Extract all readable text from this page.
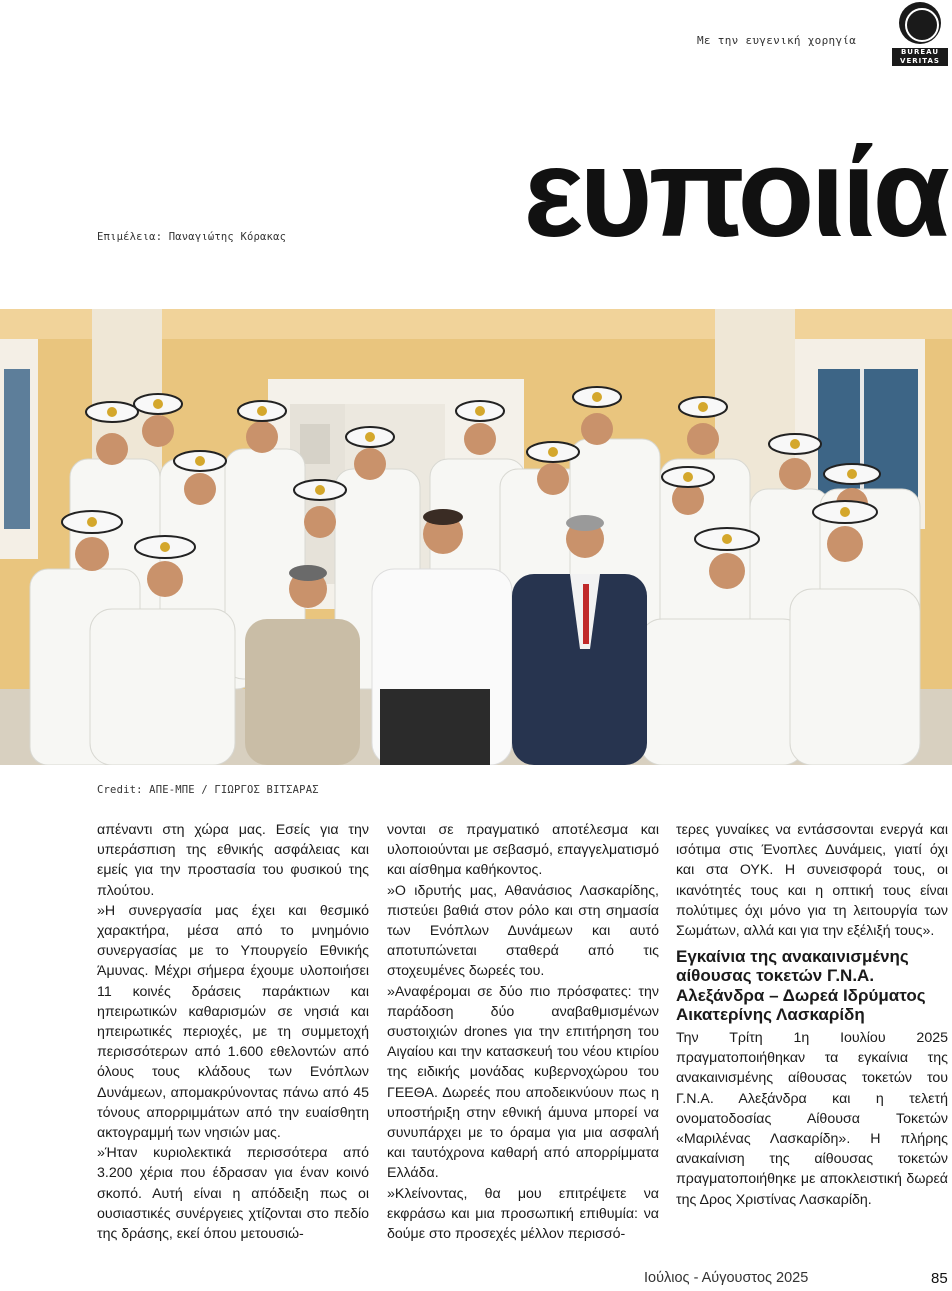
Με την ευγενική χορηγία
BUREAU
VERITAS
ευποιία
Επιμέλεια: Παναγιώτης Κόρακας
Credit: ΑΠΕ-ΜΠΕ / ΓΙΩΡΓΟΣ ΒΙΤΣΑΡΑΣ

απέναντι στη χώρα μας. Εσείς για την υπεράσπιση της εθνικής ασφάλειας και εμείς για την προστασία του φυσικού της πλούτου.

»Η συνεργασία μας έχει και θεσμικό χαρακτήρα, μέσα από το μνημόνιο συνεργασίας με το Υπουργείο Εθνικής Άμυνας. Μέχρι σήμερα έχουμε υλοποιήσει 11 κοινές δράσεις παράκτιων και ηπειρωτικών καθαρισμών σε νησιά και ηπειρωτικές περιοχές, με τη συμμετοχή περισσότερων από 1.600 εθελοντών από όλους τους κλάδους των Ενόπλων Δυνάμεων, απομακρύνοντας πάνω από 45 τόνους απορριμμάτων από την ευαίσθητη ακτογραμμή των νησιών μας.

»Ήταν κυριολεκτικά περισσότερα από 3.200 χέρια που έδρασαν για έναν κοινό σκοπό. Αυτή είναι η απόδειξη πως οι ουσιαστικές συνέργειες χτίζονται στο πεδίο της δράσης, εκεί όπου μετουσιώ-

νονται σε πραγματικό αποτέλεσμα και υλοποιούνται με σεβασμό, επαγγελματισμό και αίσθημα καθήκοντος.

»Ο ιδρυτής μας, Αθανάσιος Λασκαρίδης, πιστεύει βαθιά στον ρόλο και στη σημασία των Ενόπλων Δυνάμεων και αυτό αποτυπώνεται σταθερά από τις στοχευμένες δωρεές του.

»Αναφέρομαι σε δύο πιο πρόσφατες: την παράδοση δύο αναβαθμισμένων συστοιχιών drones για την επιτήρηση του Αιγαίου και την κατασκευή του νέου κτιρίου της ειδικής μονάδας κυβερνοχώρου του ΓΕΕΘΑ. Δωρεές που αποδεικνύουν πως η υποστήριξη στην εθνική άμυνα μπορεί να συνυπάρχει με το όραμα για μια ασφαλή και ταυτόχρονα καθαρή από απορρίμματα Ελλάδα.

»Κλείνοντας, θα μου επιτρέψετε να εκφράσω και μια προσωπική επιθυμία: να δούμε στο προσεχές μέλλον περισσό-

τερες γυναίκες να εντάσσονται ενεργά και ισότιμα στις Ένοπλες Δυνάμεις, γιατί όχι και στα ΟΥΚ. Η συνεισφορά τους, οι ικανότητές τους και η οπτική τους είναι πολύτιμες όχι μόνο για τη λειτουργία των Σωμάτων, αλλά και για την εξέλιξή τους».

Εγκαίνια της ανακαινισμένης αίθουσας τοκετών Γ.Ν.Α. Αλεξάνδρα – Δωρεά Ιδρύματος Αικατερίνης Λασκαρίδη

Την Τρίτη 1η Ιουλίου 2025 πραγματοποιήθηκαν τα εγκαίνια της ανακαινισμένης αίθουσας τοκετών του Γ.Ν.Α. Αλεξάνδρα και η τελετή ονοματοδοσίας Αίθουσα Τοκετών «Μαριλένας Λασκαρίδη». Η πλήρης ανακαίνιση της αίθουσας τοκετών πραγματοποιήθηκε με αποκλειστική δωρεά της Δρος Χριστίνας Λασκαρίδη.

Ιούλιος - Αύγουστος 2025	85
